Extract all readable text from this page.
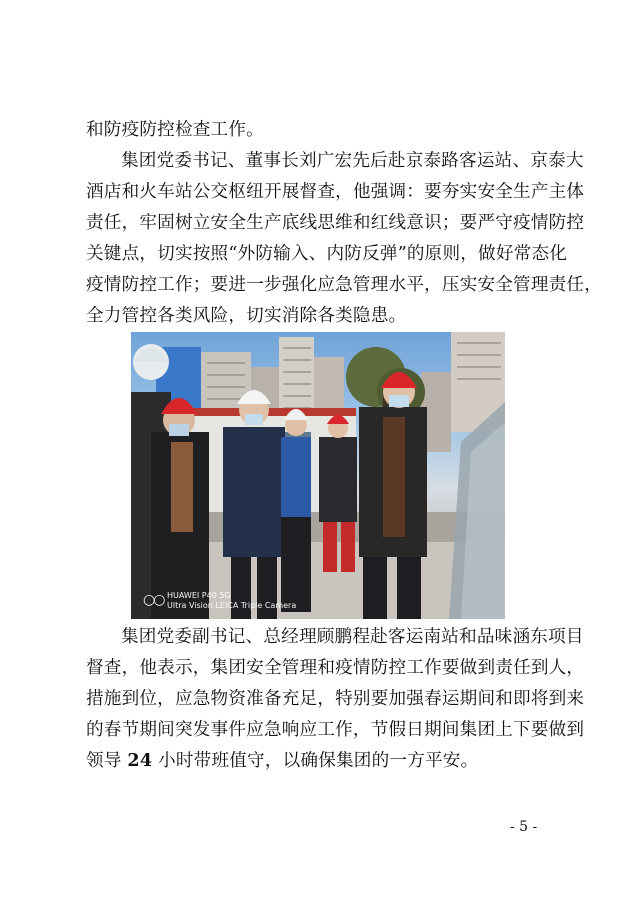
和防疫防控检查工作。
集团党委书记、董事长刘广宏先后赴京泰路客运站、京泰大
酒店和火车站公交枢纽开展督查，他强调：要夯实安全生产主体
责任，牢固树立安全生产底线思维和红线意识；要严守疫情防控
关键点，切实按照“外防输入、内防反弹”的原则，做好常态化
疫情防控工作；要进一步强化应急管理水平，压实安全管理责任，
全力管控各类风险，切实消除各类隐患。
○○ HUAWEI P40 5G
Ultra Vision LEICA Triple Camera
集团党委副书记、总经理顾鹏程赴客运南站和品味涵东项目
督查，他表示，集团安全管理和疫情防控工作要做到责任到人，
措施到位，应急物资准备充足，特别要加强春运期间和即将到来
的春节期间突发事件应急响应工作，节假日期间集团上下要做到
领导 24 小时带班值守，以确保集团的一方平安。
- 5 -
